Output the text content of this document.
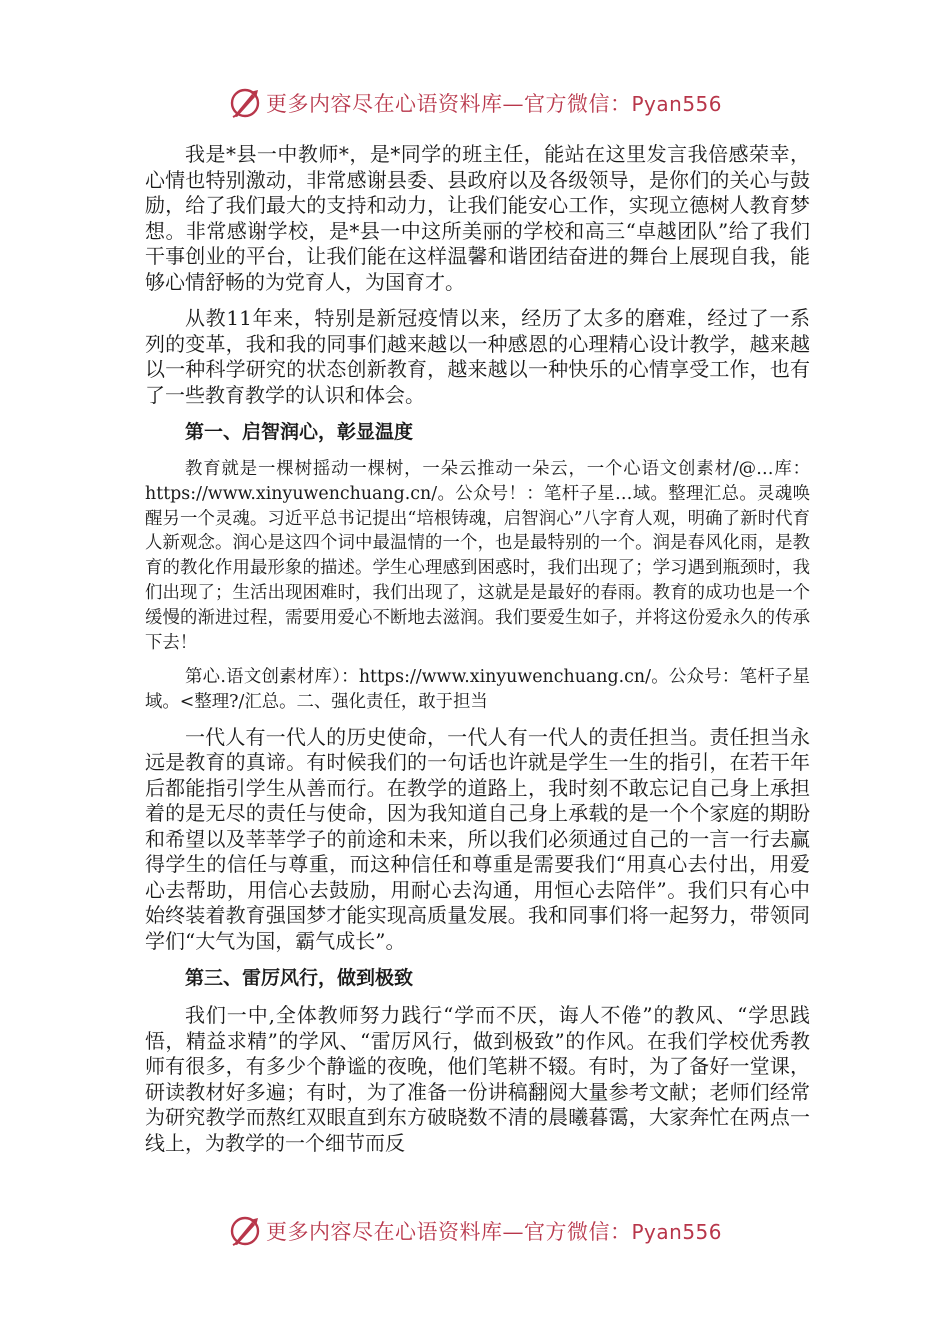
更多内容尽在心语资料库—官方微信：Pyan556

我是*县一中教师*，是*同学的班主任，能站在这里发言我倍感荣幸，心情也特别激动，非常感谢县委、县政府以及各级领导，是你们的关心与鼓励，给了我们最大的支持和动力，让我们能安心工作，实现立德树人教育梦想。非常感谢学校，是*县一中这所美丽的学校和高三“卓越团队”给了我们干事创业的平台，让我们能在这样温馨和谐团结奋进的舞台上展现自我，能够心情舒畅的为党育人，为国育才。

从教11年来，特别是新冠疫情以来，经历了太多的磨难，经过了一系列的变革，我和我的同事们越来越以一种感恩的心理精心设计教学，越来越以一种科学研究的状态创新教育，越来越以一种快乐的心情享受工作，也有了一些教育教学的认识和体会。

第一、启智润心，彰显温度

教育就是一棵树摇动一棵树，一朵云推动一朵云，一个心语文创素材/@…库：https://www.xinyuwenchuang.cn/。公众号！：笔杆子星…域。整理汇总。灵魂唤醒另一个灵魂。习近平总书记提出“培根铸魂，启智润心”八字育人观，明确了新时代育人新观念。润心是这四个词中最温情的一个，也是最特别的一个。润是春风化雨，是教育的教化作用最形象的描述。学生心理感到困惑时，我们出现了；学习遇到瓶颈时，我们出现了；生活出现困难时，我们出现了，这就是是最好的春雨。教育的成功也是一个缓慢的渐进过程，需要用爱心不断地去滋润。我们要爱生如子，并将这份爱永久的传承下去！

第心.语文创素材库）：https://www.xinyuwenchuang.cn/。公众号：笔杆子星域。<整理?/汇总。二、强化责任，敢于担当

一代人有一代人的历史使命，一代人有一代人的责任担当。责任担当永远是教育的真谛。有时候我们的一句话也许就是学生一生的指引，在若干年后都能指引学生从善而行。在教学的道路上，我时刻不敢忘记自己身上承担着的是无尽的责任与使命，因为我知道自己身上承载的是一个个家庭的期盼和希望以及莘莘学子的前途和未来，所以我们必须通过自己的一言一行去赢得学生的信任与尊重，而这种信任和尊重是需要我们“用真心去付出，用爱心去帮助，用信心去鼓励，用耐心去沟通，用恒心去陪伴”。我们只有心中始终装着教育强国梦才能实现高质量发展。我和同事们将一起努力，带领同学们“大气为国，霸气成长”。

第三、雷厉风行，做到极致

我们一中,全体教师努力践行“学而不厌，诲人不倦”的教风、“学思践悟，精益求精”的学风、“雷厉风行，做到极致”的作风。在我们学校优秀教师有很多，有多少个静谧的夜晚，他们笔耕不辍。有时，为了备好一堂课，研读教材好多遍；有时，为了准备一份讲稿翻阅大量参考文献；老师们经常为研究教学而熬红双眼直到东方破晓数不清的晨曦暮霭，大家奔忙在两点一线上，为教学的一个细节而反

更多内容尽在心语资料库—官方微信：Pyan556
